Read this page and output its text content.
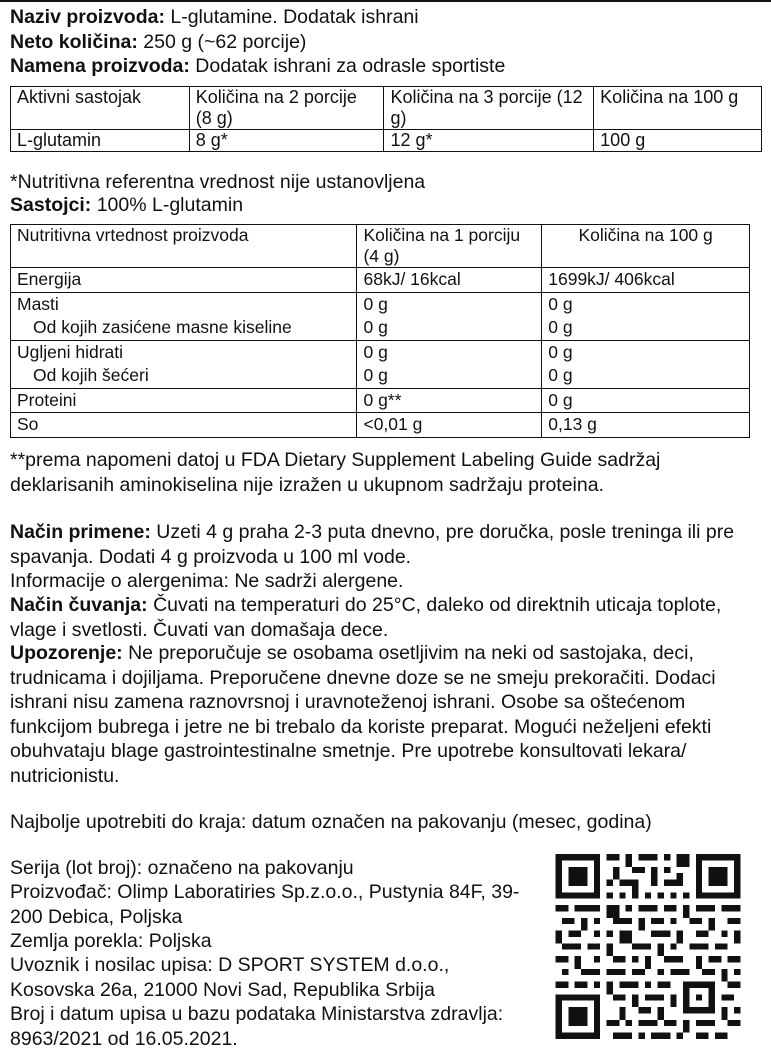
Naziv proizvoda: L-glutamine. Dodatak ishrani
Neto količina: 250 g (~62 porcije)
Namena proizvoda: Dodatak ishrani za odrasle sportiste
Aktivni sastojak	Količina na 2 porcije (8 g)	Količina na 3 porcije (12 g)	Količina na 100 g
L-glutamin	8 g*	12 g*	100 g
*Nutritivna referentna vrednost nije ustanovljena
Sastojci: 100% L-glutamin
Nutritivna vrtednost proizvoda	Količina na 1 porciju (4 g)	Količina na 100 g
Energija	68kJ/ 16kcal	1699kJ/ 406kcal
Masti	0 g	0 g
Od kojih zasićene masne kiseline	0 g	0 g
Ugljeni hidrati	0 g	0 g
Od kojih šećeri	0 g	0 g
Proteini	0 g**	0 g
So	<0,01 g	0,13 g
**prema napomeni datoj u FDA Dietary Supplement Labeling Guide sadržaj deklarisanih aminokiselina nije izražen u ukupnom sadržaju proteina.
Način primene: Uzeti 4 g praha 2-3 puta dnevno, pre doručka, posle treninga ili pre spavanja. Dodati 4 g proizvoda u 100 ml vode.
Informacije o alergenima: Ne sadrži alergene.
Način čuvanja: Čuvati na temperaturi do 25°C, daleko od direktnih uticaja toplote, vlage i svetlosti. Čuvati van domašaja dece.
Upozorenje: Ne preporučuje se osobama osetljivim na neki od sastojaka, deci, trudnicama i dojiljama. Preporučene dnevne doze se ne smeju prekoračiti. Dodaci ishrani nisu zamena raznovrsnoj i uravnoteženoj ishrani. Osobe sa oštećenom funkcijom bubrega i jetre ne bi trebalo da koriste preparat. Mogući neželjeni efekti obuhvataju blage gastrointestinalne smetnje. Pre upotrebe konsultovati lekara/ nutricionistu.
Najbolje upotrebiti do kraja: datum označen na pakovanju (mesec, godina)
Serija (lot broj): označeno na pakovanju
Proizvođač: Olimp Laboratiries Sp.z.o.o., Pustynia 84F, 39-200 Debica, Poljska
Zemlja porekla: Poljska
Uvoznik i nosilac upisa: D SPORT SYSTEM d.o.o., Kosovska 26a, 21000 Novi Sad, Republika Srbija
Broj i datum upisa u bazu podataka Ministarstva zdravlja: 8963/2021 od 16.05.2021.
